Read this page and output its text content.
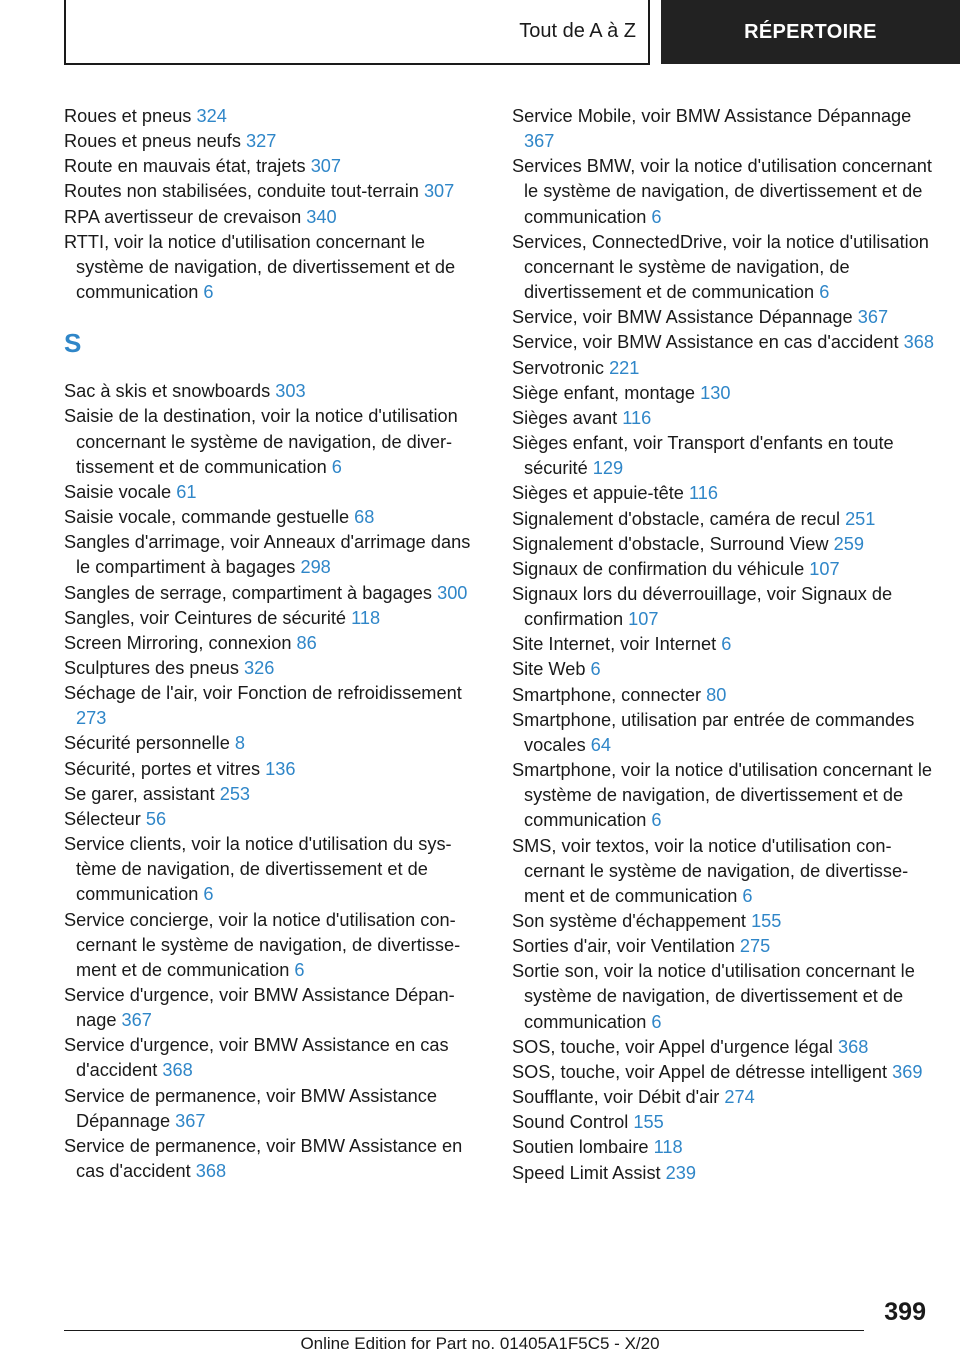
Tout de A à Z	RÉPERTOIRE
Roues et pneus 324
Roues et pneus neufs 327
Route en mauvais état, trajets 307
Routes non stabilisées, conduite tout-terrain 307
RPA avertisseur de crevaison 340
RTTI, voir la notice d'utilisation concernant le système de navigation, de divertissement et de communication 6
S
Sac à skis et snowboards 303
Saisie de la destination, voir la notice d'utilisation concernant le système de navigation, de divertissement et de communication 6
Saisie vocale 61
Saisie vocale, commande gestuelle 68
Sangles d'arrimage, voir Anneaux d'arrimage dans le compartiment à bagages 298
Sangles de serrage, compartiment à bagages 300
Sangles, voir Ceintures de sécurité 118
Screen Mirroring, connexion 86
Sculptures des pneus 326
Séchage de l'air, voir Fonction de refroidissement 273
Sécurité personnelle 8
Sécurité, portes et vitres 136
Se garer, assistant 253
Sélecteur 56
Service clients, voir la notice d'utilisation du système de navigation, de divertissement et de communication 6
Service concierge, voir la notice d'utilisation concernant le système de navigation, de divertissement et de communication 6
Service d'urgence, voir BMW Assistance Dépannage 367
Service d'urgence, voir BMW Assistance en cas d'accident 368
Service de permanence, voir BMW Assistance Dépannage 367
Service de permanence, voir BMW Assistance en cas d'accident 368
Service Mobile, voir BMW Assistance Dépannage 367
Services BMW, voir la notice d'utilisation concernant le système de navigation, de divertissement et de communication 6
Services, ConnectedDrive, voir la notice d'utilisation concernant le système de navigation, de divertissement et de communication 6
Service, voir BMW Assistance Dépannage 367
Service, voir BMW Assistance en cas d'accident 368
Servotronic 221
Siège enfant, montage 130
Sièges avant 116
Sièges enfant, voir Transport d'enfants en toute sécurité 129
Sièges et appuie-tête 116
Signalement d'obstacle, caméra de recul 251
Signalement d'obstacle, Surround View 259
Signaux de confirmation du véhicule 107
Signaux lors du déverrouillage, voir Signaux de confirmation 107
Site Internet, voir Internet 6
Site Web 6
Smartphone, connecter 80
Smartphone, utilisation par entrée de commandes vocales 64
Smartphone, voir la notice d'utilisation concernant le système de navigation, de divertissement et de communication 6
SMS, voir textos, voir la notice d'utilisation concernant le système de navigation, de divertissement et de communication 6
Son système d'échappement 155
Sorties d'air, voir Ventilation 275
Sortie son, voir la notice d'utilisation concernant le système de navigation, de divertissement et de communication 6
SOS, touche, voir Appel d'urgence légal 368
SOS, touche, voir Appel de détresse intelligent 369
Soufflante, voir Débit d'air 274
Sound Control 155
Soutien lombaire 118
Speed Limit Assist 239
399
Online Edition for Part no. 01405A1F5C5 - X/20
